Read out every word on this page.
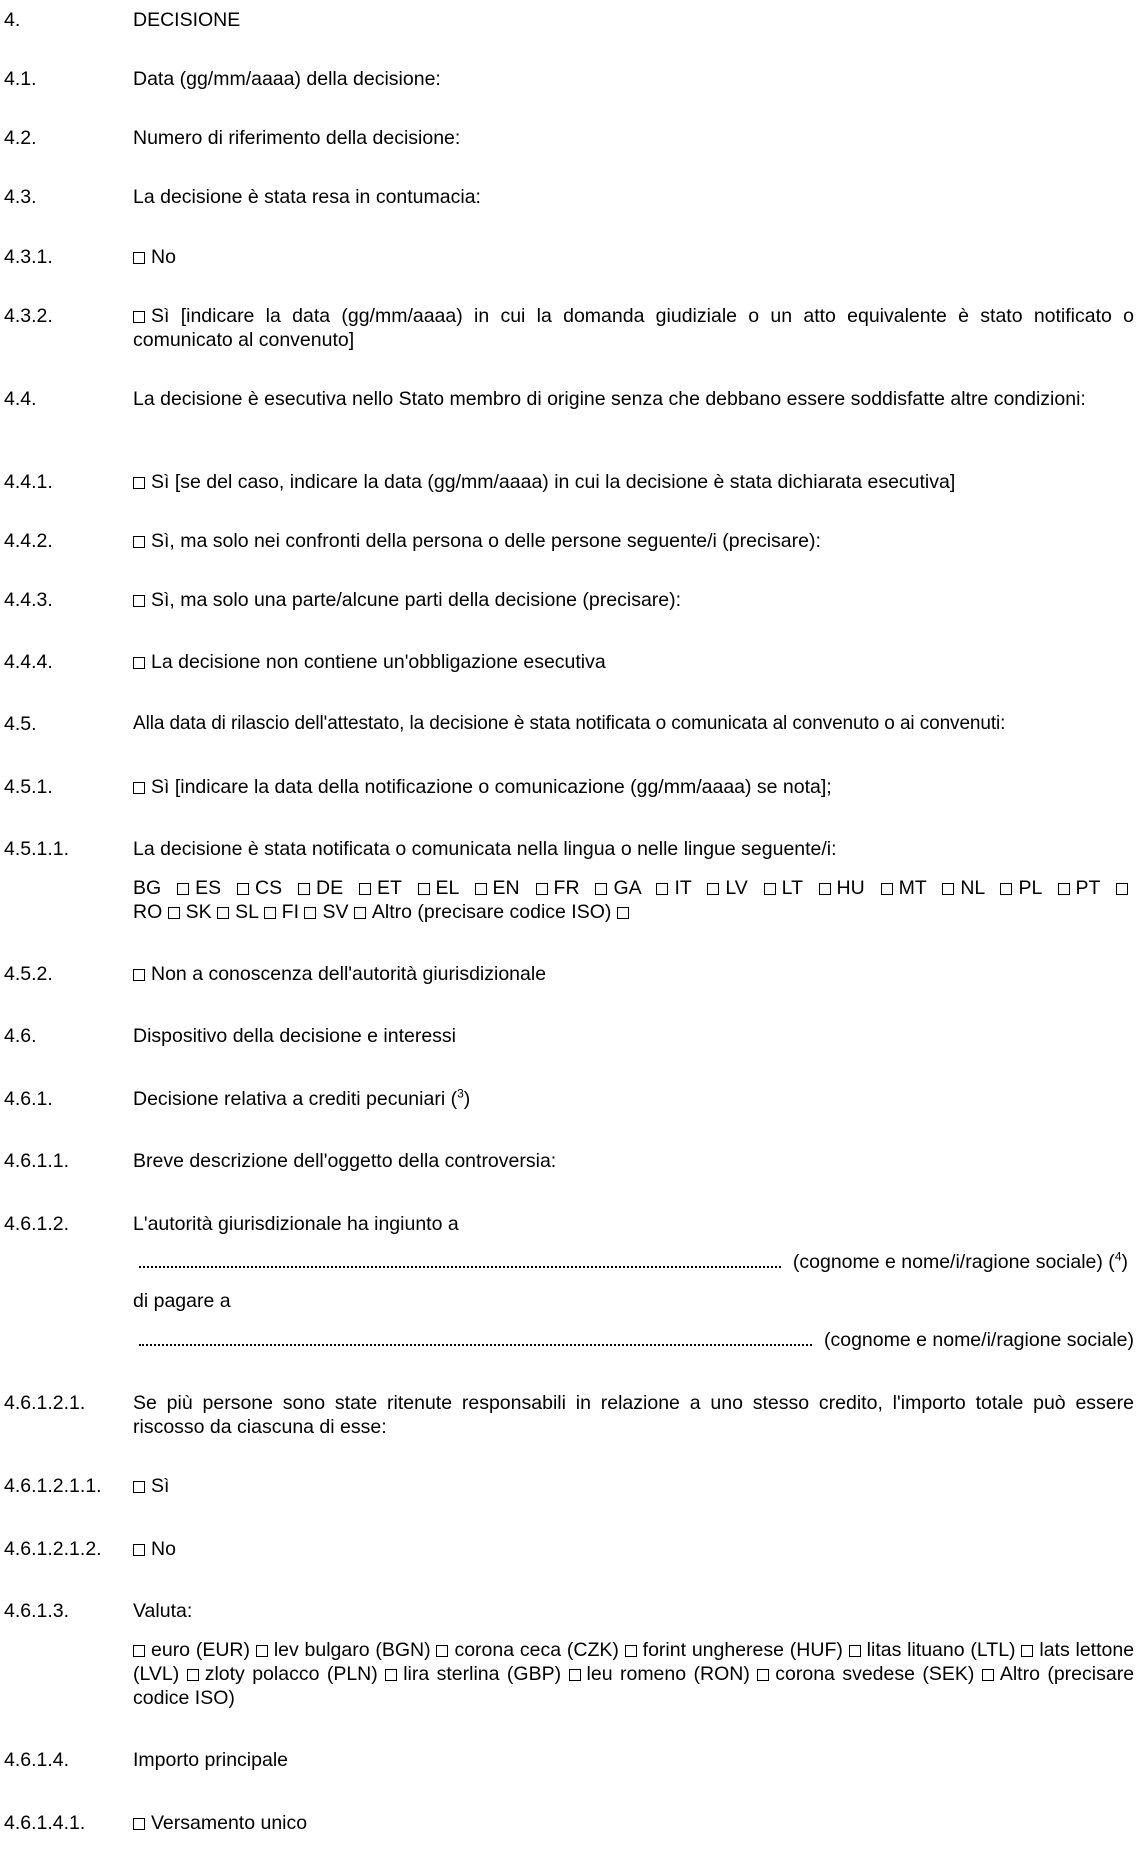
4.	DECISIONE
4.1.	Data (gg/mm/aaaa) della decisione:
4.2.	Numero di riferimento della decisione:
4.3.	La decisione è stata resa in contumacia:
4.3.1.	No
4.3.2.	Sì [indicare la data (gg/mm/aaaa) in cui la domanda giudiziale o un atto equivalente è stato notificato o comunicato al convenuto]
4.4.	La decisione è esecutiva nello Stato membro di origine senza che debbano essere soddisfatte altre condizioni:
4.4.1.	Sì [se del caso, indicare la data (gg/mm/aaaa) in cui la decisione è stata dichiarata esecutiva]
4.4.2.	Sì, ma solo nei confronti della persona o delle persone seguente/i (precisare):
4.4.3.	Sì, ma solo una parte/alcune parti della decisione (precisare):
4.4.4.	La decisione non contiene un'obbligazione esecutiva
4.5.	Alla data di rilascio dell'attestato, la decisione è stata notificata o comunicata al convenuto o ai convenuti:
4.5.1.	Sì [indicare la data della notificazione o comunicazione (gg/mm/aaaa) se nota];
4.5.1.1.	La decisione è stata notificata o comunicata nella lingua o nelle lingue seguente/i:
BG ES CS DE ET EL EN FR GA IT LV LT HU MT NL PL PT
RO SK SL FI SV Altro (precisare codice ISO)
4.5.2.	Non a conoscenza dell'autorità giurisdizionale
4.6.	Dispositivo della decisione e interessi
4.6.1.	Decisione relativa a crediti pecuniari ($^3$)
4.6.1.1.	Breve descrizione dell'oggetto della controversia:
4.6.1.2.	L'autorità giurisdizionale ha ingiunto a
(cognome e nome/i/ragione sociale) ($^4$)
di pagare a
(cognome e nome/i/ragione sociale)
4.6.1.2.1. Se più persone sono state ritenute responsabili in relazione a uno stesso credito, l'importo totale può essere riscosso da ciascuna di esse:
4.6.1.2.1.1.	Sì
4.6.1.2.1.2.	No
4.6.1.3.	Valuta:
euro (EUR) lev bulgaro (BGN) corona ceca (CZK) forint ungherese (HUF) litas lituano (LTL) lats lettone (LVL) zloty polacco (PLN) lira sterlina (GBP) leu romeno (RON) corona svedese (SEK) Altro (precisare codice ISO)
4.6.1.4.	Importo principale
4.6.1.4.1.	Versamento unico
